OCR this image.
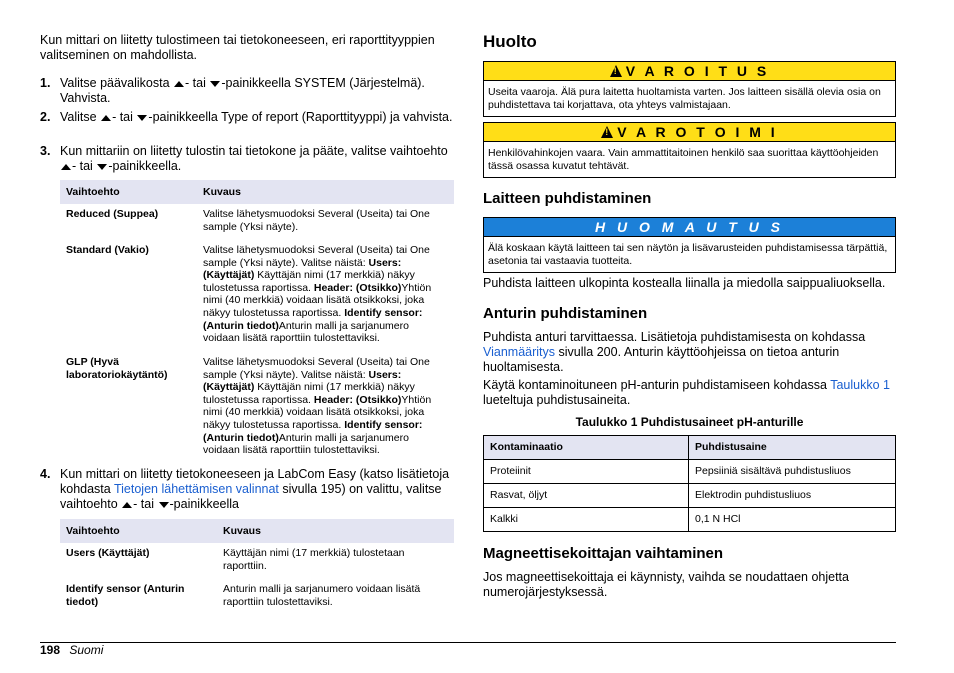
Kun mittari on liitetty tulostimeen tai tietokoneeseen, eri raporttityyppien valitseminen on mahdollista.

1. Valitse päävalikosta - tai -painikkeella SYSTEM (Järjestelmä). Vahvista.
2. Valitse - tai -painikkeella Type of report (Raporttityyppi) ja vahvista.
3. Kun mittariin on liitetty tulostin tai tietokone ja pääte, valitse vaihtoehto - tai -painikkeella.
Vaihtoehto	Kuvaus
Reduced (Suppea)	Valitse lähetysmuodoksi Several (Useita) tai One sample (Yksi näyte).
Standard (Vakio)	Valitse lähetysmuodoksi Several (Useita) tai One sample (Yksi näyte). Valitse näistä: Users: (Käyttäjät) Käyttäjän nimi (17 merkkiä) näkyy tulostetussa raportissa. Header: (Otsikko)Yhtiön nimi (40 merkkiä) voidaan lisätä otsikkoksi, joka näkyy tulostetussa raportissa. Identify sensor: (Anturin tiedot)Anturin malli ja sarjanumero voidaan lisätä raporttiin tulostettaviksi.
GLP (Hyvä laboratoriokäytäntö)	Valitse lähetysmuodoksi Several (Useita) tai One sample (Yksi näyte). Valitse näistä: Users: (Käyttäjät) Käyttäjän nimi (17 merkkiä) näkyy tulostetussa raportissa. Header: (Otsikko)Yhtiön nimi (40 merkkiä) voidaan lisätä otsikkoksi, joka näkyy tulostetussa raportissa. Identify sensor: (Anturin tiedot)Anturin malli ja sarjanumero voidaan lisätä raporttiin tulostettaviksi.
4. Kun mittari on liitetty tietokoneeseen ja LabCom Easy (katso lisätietoja kohdasta Tietojen lähettämisen valinnat sivulla 195) on valittu, valitse vaihtoehto - tai -painikkeella
Vaihtoehto	Kuvaus
Users (Käyttäjät)	Käyttäjän nimi (17 merkkiä) tulostetaan raporttiin.
Identify sensor (Anturin tiedot)	Anturin malli ja sarjanumero voidaan lisätä raporttiin tulostettaviksi.
Huolto
!V A R O I T U S
Useita vaaroja. Älä pura laitetta huoltamista varten. Jos laitteen sisällä olevia osia on puhdistettava tai korjattava, ota yhteys valmistajaan.
!V A R O T O I M I
Henkilövahinkojen vaara. Vain ammattitaitoinen henkilö saa suorittaa käyttöohjeiden tässä osassa kuvatut tehtävät.
Laitteen puhdistaminen
H U O M A U T U S
Älä koskaan käytä laitteen tai sen näytön ja lisävarusteiden puhdistamisessa tärpättiä, asetonia tai vastaavia tuotteita.

Puhdista laitteen ulkopinta kostealla liinalla ja miedolla saippualiuoksella.

Anturin puhdistaminen

Puhdista anturi tarvittaessa. Lisätietoja puhdistamisesta on kohdassa Vianmääritys sivulla 200. Anturin käyttöohjeissa on tietoa anturin huoltamisesta.

Käytä kontaminoituneen pH-anturin puhdistamiseen kohdassa Taulukko 1 lueteltuja puhdistusaineita.

Taulukko 1 Puhdistusaineet pH-anturille
Kontaminaatio	Puhdistusaine
Proteiinit	Pepsiiniä sisältävä puhdistusliuos
Rasvat, öljyt	Elektrodin puhdistusliuos
Kalkki	0,1 N HCl
Magneettisekoittajan vaihtaminen

Jos magneettisekoittaja ei käynnisty, vaihda se noudattaen ohjetta numerojärjestyksessä.

198 Suomi
